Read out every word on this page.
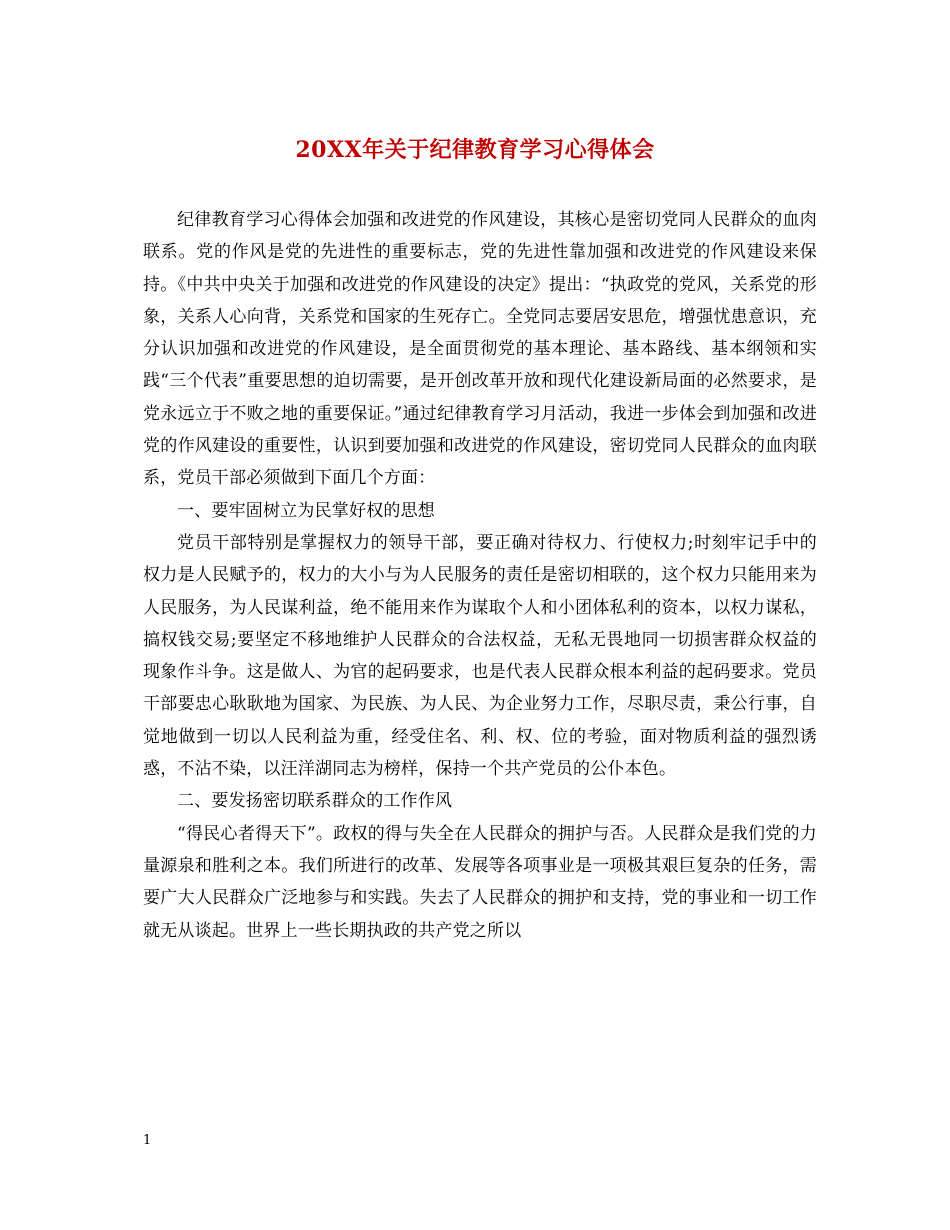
20XX年关于纪律教育学习心得体会

纪律教育学习心得体会加强和改进党的作风建设，其核心是密切党同人民群众的血肉联系。党的作风是党的先进性的重要标志，党的先进性靠加强和改进党的作风建设来保持。《中共中央关于加强和改进党的作风建设的决定》提出：“执政党的党风，关系党的形象，关系人心向背，关系党和国家的生死存亡。全党同志要居安思危，增强忧患意识，充分认识加强和改进党的作风建设，是全面贯彻党的基本理论、基本路线、基本纲领和实践“三个代表”重要思想的迫切需要，是开创改革开放和现代化建设新局面的必然要求，是党永远立于不败之地的重要保证。”通过纪律教育学习月活动，我进一步体会到加强和改进党的作风建设的重要性，认识到要加强和改进党的作风建设，密切党同人民群众的血肉联系，党员干部必须做到下面几个方面：

一、要牢固树立为民掌好权的思想

党员干部特别是掌握权力的领导干部，要正确对待权力、行使权力;时刻牢记手中的权力是人民赋予的，权力的大小与为人民服务的责任是密切相联的，这个权力只能用来为人民服务，为人民谋利益，绝不能用来作为谋取个人和小团体私利的资本，以权力谋私，搞权钱交易;要坚定不移地维护人民群众的合法权益，无私无畏地同一切损害群众权益的现象作斗争。这是做人、为官的起码要求，也是代表人民群众根本利益的起码要求。党员干部要忠心耿耿地为国家、为民族、为人民、为企业努力工作，尽职尽责，秉公行事，自觉地做到一切以人民利益为重，经受住名、利、权、位的考验，面对物质利益的强烈诱惑，不沾不染，以汪洋湖同志为榜样，保持一个共产党员的公仆本色。

二、要发扬密切联系群众的工作作风

“得民心者得天下”。政权的得与失全在人民群众的拥护与否。人民群众是我们党的力量源泉和胜利之本。我们所进行的改革、发展等各项事业是一项极其艰巨复杂的任务，需要广大人民群众广泛地参与和实践。失去了人民群众的拥护和支持，党的事业和一切工作就无从谈起。世界上一些长期执政的共产党之所以

1
